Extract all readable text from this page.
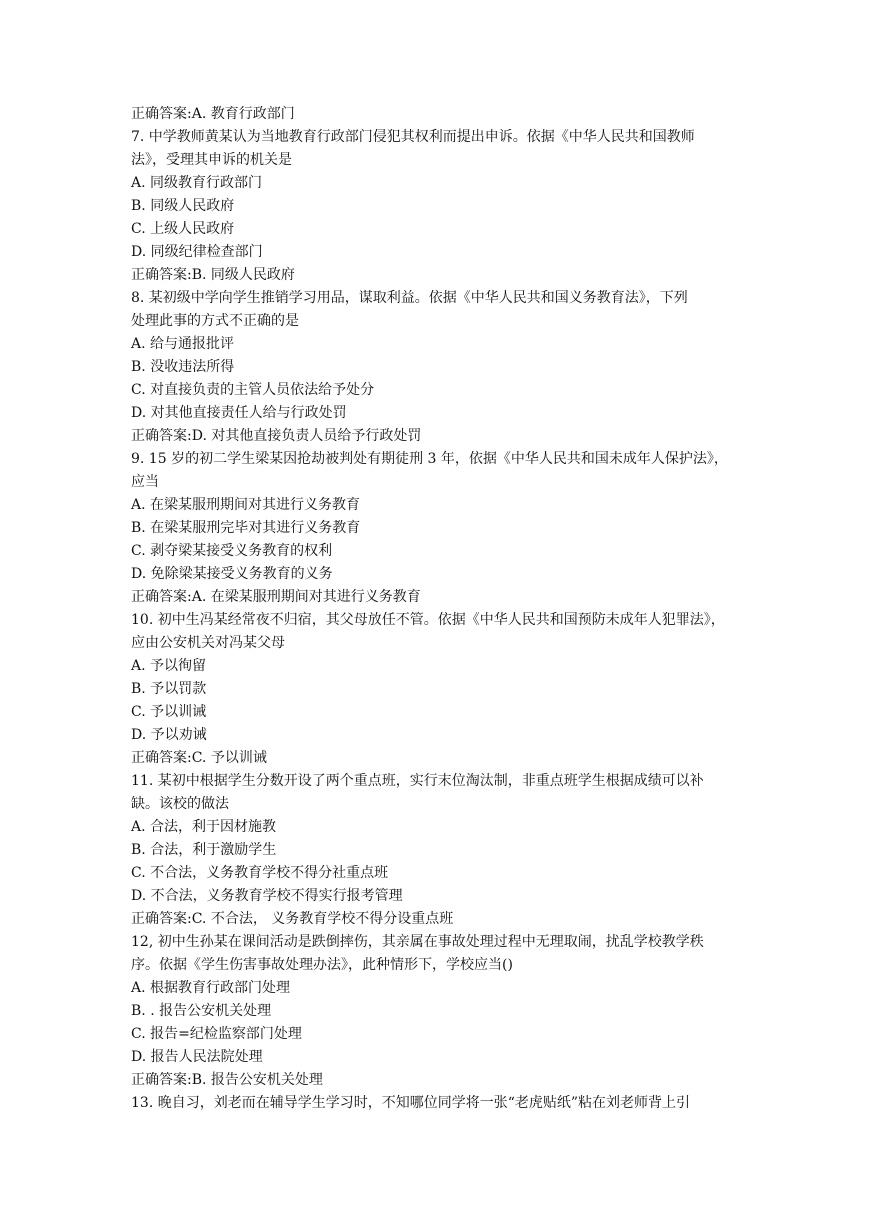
正确答案:A. 教育行政部门
7. 中学教师黄某认为当地教育行政部门侵犯其权利而提出申诉。依据《中华人民共和国教师
法》，受理其申诉的机关是
A. 同级教育行政部门
B. 同级人民政府
C. 上级人民政府
D. 同级纪律检查部门
正确答案:B. 同级人民政府
8. 某初级中学向学生推销学习用品，谋取利益。依据《中华人民共和国义务教育法》，下列
处理此事的方式不正确的是
A. 给与通报批评
B. 没收违法所得
C. 对直接负责的主管人员依法给予处分
D. 对其他直接责任人给与行政处罚
正确答案:D. 对其他直接负责人员给予行政处罚
9. 15 岁的初二学生梁某因抢劫被判处有期徒刑 3 年，依据《中华人民共和国未成年人保护法》，
应当
A. 在梁某服刑期间对其进行义务教育
B. 在梁某服刑完毕对其进行义务教育
C. 剥夺梁某接受义务教育的权利
D. 免除梁某接受义务教育的义务
正确答案:A. 在梁某服刑期间对其进行义务教育
10. 初中生冯某经常夜不归宿，其父母放任不管。依据《中华人民共和国预防未成年人犯罪法》，
应由公安机关对冯某父母
A. 予以徇留
B. 予以罚款
C. 予以训诫
D. 予以劝诫
正确答案:C. 予以训诫
11. 某初中根据学生分数开设了两个重点班，实行末位淘汰制，非重点班学生根据成绩可以补
缺。该校的做法
A. 合法，利于因材施教
B. 合法，利于激励学生
C. 不合法，义务教育学校不得分社重点班
D. 不合法，义务教育学校不得实行报考管理
正确答案:C. 不合法， 义务教育学校不得分设重点班
12, 初中生孙某在课间活动是跌倒摔伤，其亲属在事故处理过程中无理取闹，扰乱学校教学秩
序。依据《学生伤害事故处理办法》，此种情形下，学校应当()
A. 根据教育行政部门处理
B. . 报告公安机关处理
C. 报告=纪检监察部门处理
D. 报告人民法院处理
正确答案:B. 报告公安机关处理
13. 晚自习，刘老而在辅导学生学习时，不知哪位同学将一张“老虎贴纸”粘在刘老师背上引
